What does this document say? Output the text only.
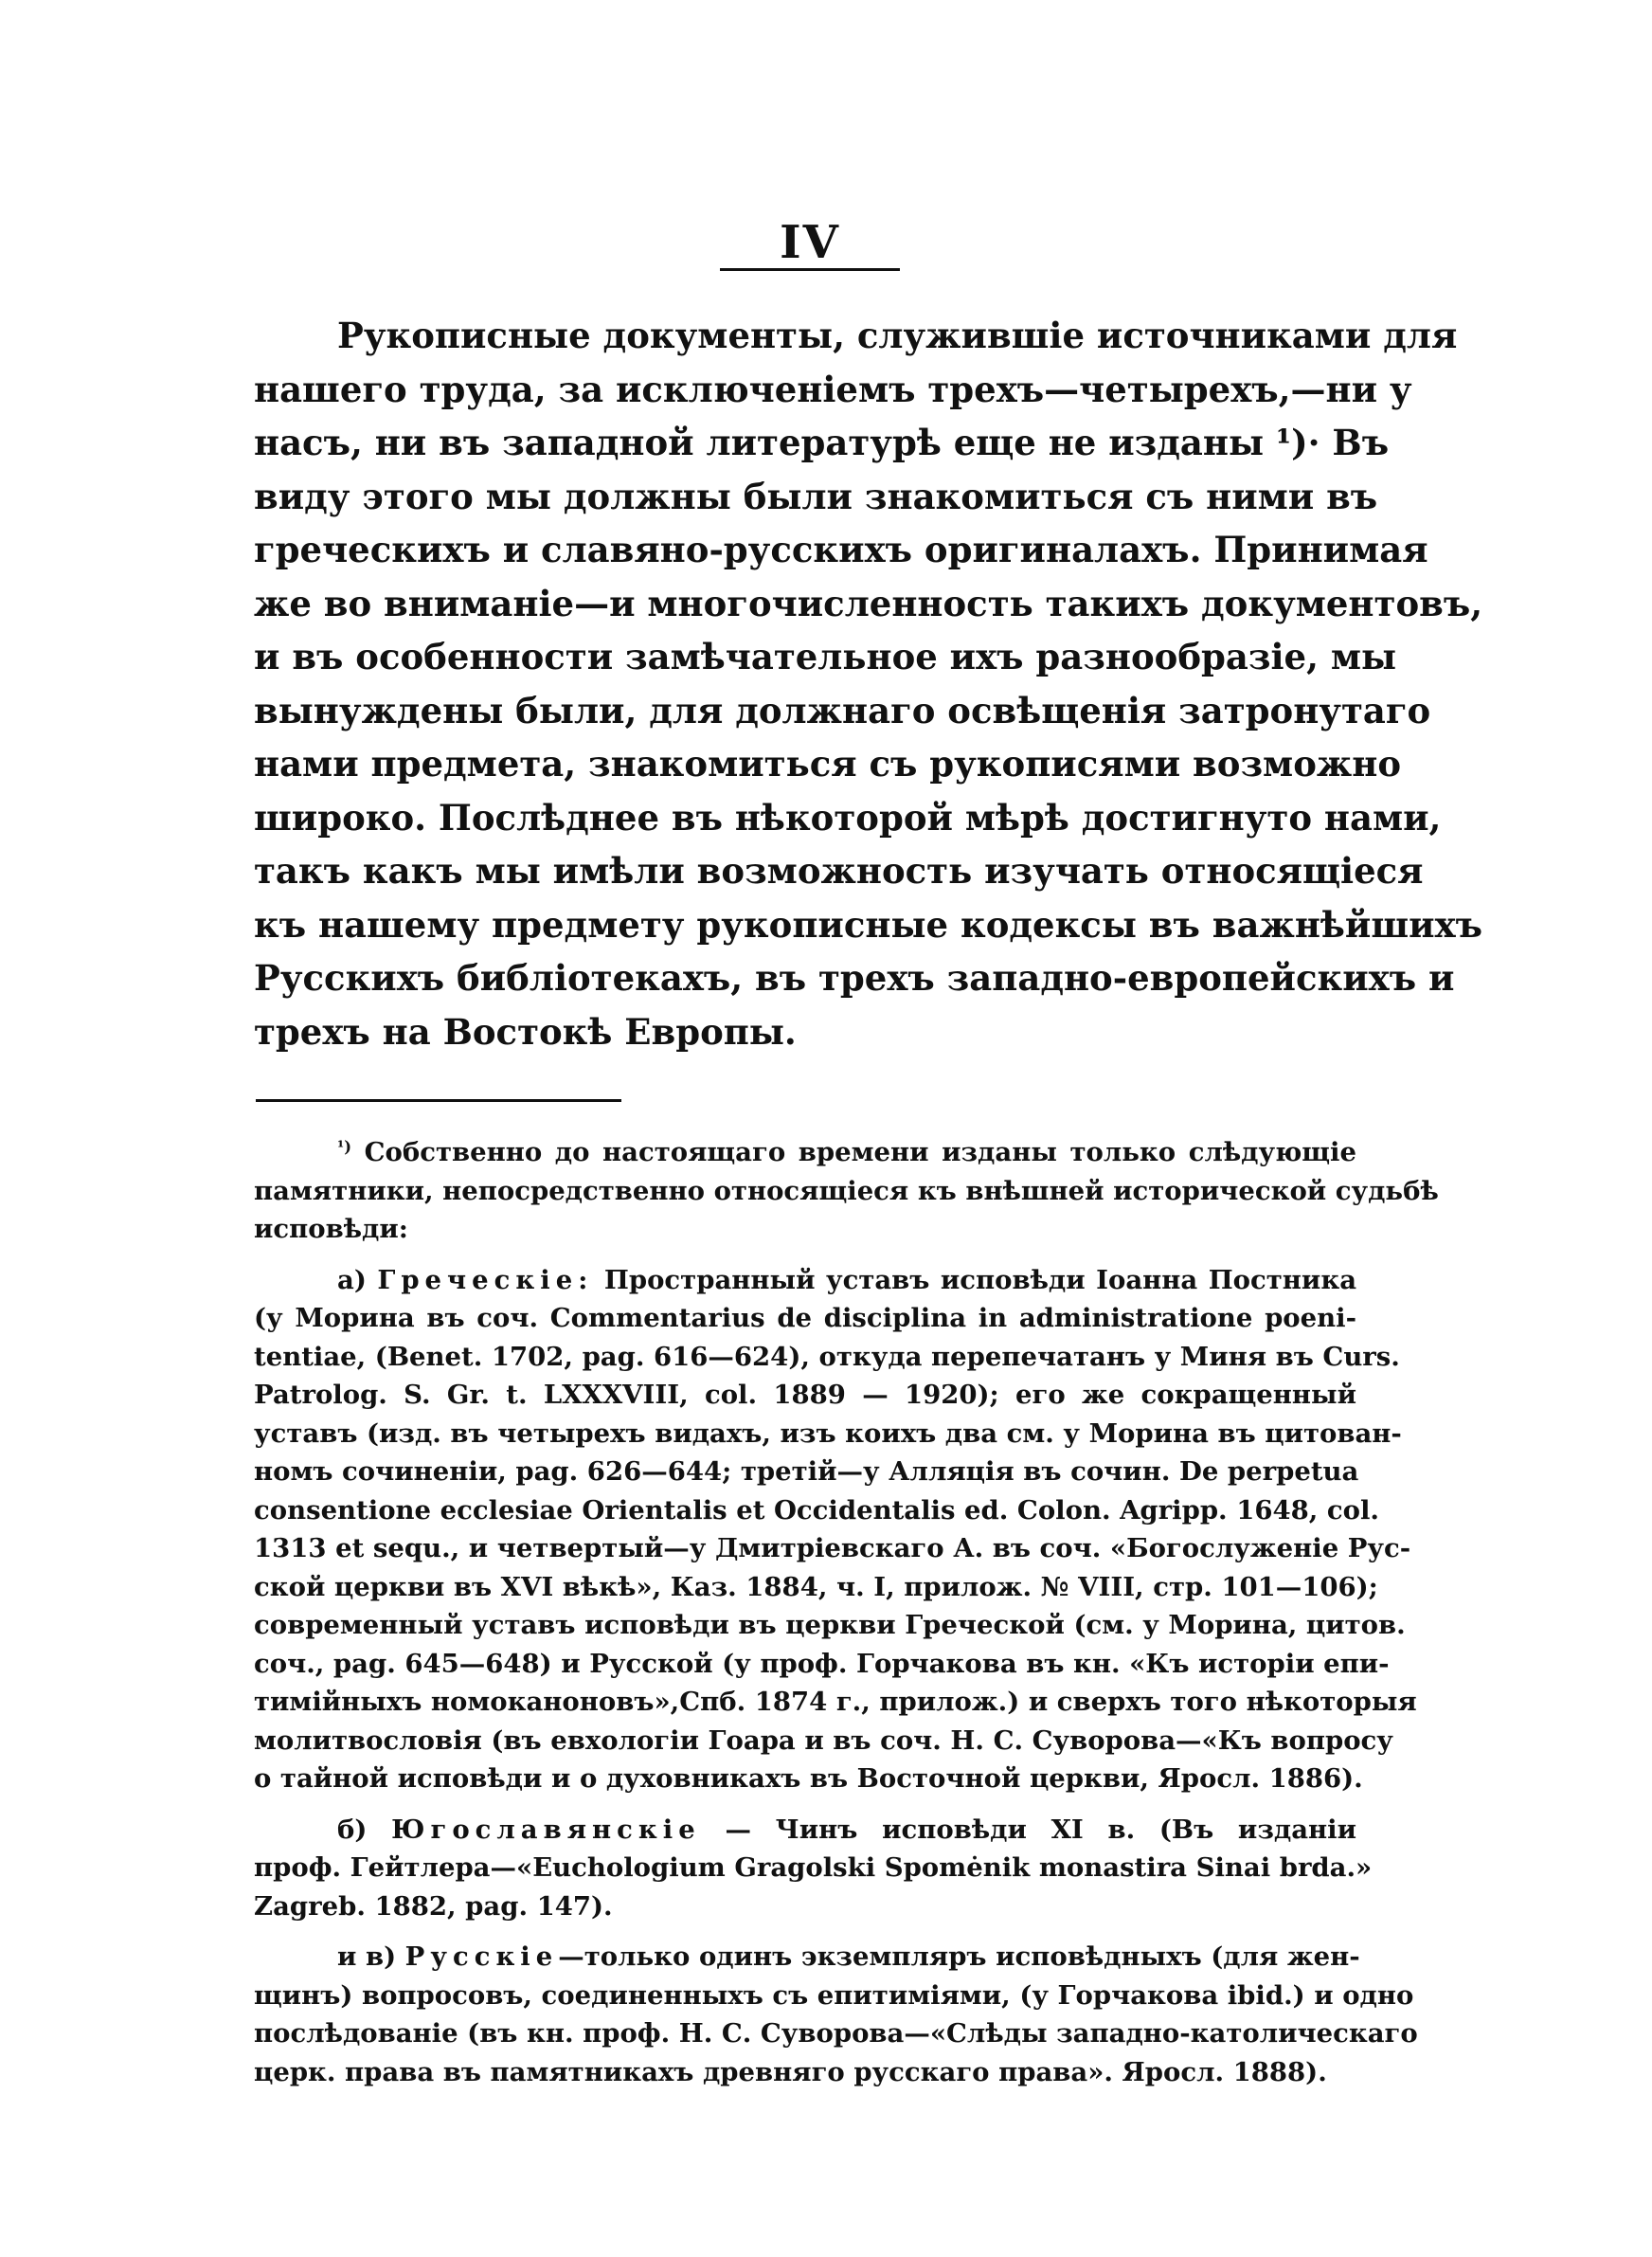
IV
Рукописные документы, служившіе источниками для
нашего труда, за исключеніемъ трехъ—четырехъ,—ни у
насъ, ни въ западной литературѣ еще не изданы ¹)· Въ
виду этого мы должны были знакомиться съ ними въ
греческихъ и славяно-русскихъ оригиналахъ. Принимая
же во вниманіе—и многочисленность такихъ документовъ,
и въ особенности замѣчательное ихъ разнообразіе, мы
вынуждены были, для должнаго освѣщенія затронутаго
нами предмета, знакомиться съ рукописями возможно
широко. Послѣднее въ нѣкоторой мѣрѣ достигнуто нами,
такъ какъ мы имѣли возможность изучать относящіеся
къ нашему предмету рукописные кодексы въ важнѣйшихъ
Русскихъ библіотекахъ, въ трехъ западно-европейскихъ и
трехъ на Востокѣ Европы.

$^{^1)}$ Собственно до настоящаго времени изданы только слѣдующіе
памятники, непосредственно относящіеся къ внѣшней исторической судьбѣ
исповѣди:

а) Греческіе: Пространный уставъ исповѣди Іоанна Постника
(у Морина въ соч. Commentarius de disciplina in administratione poeni-
tentiae, (Benet. 1702, pag. 616—624), откуда перепечатанъ у Миня въ Curs.
Patrolog. S. Gr. t. LXXXVIII, col. 1889 — 1920); его же сокращенный
уставъ (изд. въ четырехъ видахъ, изъ коихъ два см. у Морина въ цитован-
номъ сочиненіи, pag. 626—644; третій—у Алляція въ сочин. De perpetua
consentione ecclesiae Orientalis et Occidentalis ed. Colon. Agripp. 1648, col.
1313 et sequ., и четвертый—у Дмитріевскаго А. въ соч. «Богослуженіе Рус-
ской церкви въ XVI вѣкѣ», Каз. 1884, ч. I, прилож. № VIII, стр. 101—106);
современный уставъ исповѣди въ церкви Греческой (см. у Морина, цитов.
соч., pag. 645—648) и Русской (у проф. Горчакова въ кн. «Къ исторіи епи-
тимійныхъ номоканоновъ»,Спб. 1874 г., прилож.) и сверхъ того нѣкоторыя
молитвословія (въ евхологіи Гоара и въ соч. Н. С. Суворова—«Къ вопросу
о тайной исповѣди и о духовникахъ въ Восточной церкви, Яросл. 1886).

б) Югославянскіе — Чинъ исповѣди XI в. (Въ изданіи
проф. Гейтлера—«Euchologium Gragolski Spomėnik monastira Sinai brda.»
Zagreb. 1882, pag. 147).

и в) Русскіе—только одинъ экземпляръ исповѣдныхъ (для жен-
щинъ) вопросовъ, соединенныхъ съ епитиміями, (у Горчакова ibid.) и одно
послѣдованіе (въ кн. проф. Н. С. Суворова—«Слѣды западно-католическаго
церк. права въ памятникахъ древняго русскаго права». Яросл. 1888).
